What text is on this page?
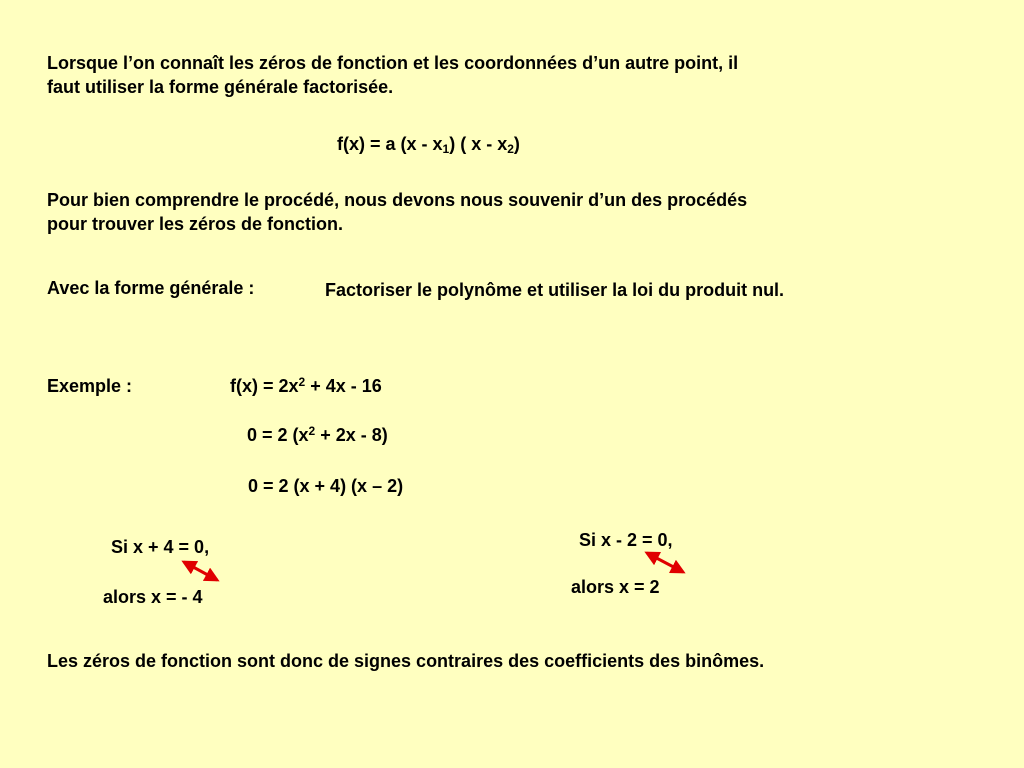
Lorsque l’on connaît les zéros de fonction et les coordonnées d’un autre point, il
faut utiliser la forme générale factorisée.
f(x) = a $(x - x_1)$ ( x - $x_2$)
Pour bien comprendre le procédé, nous devons nous souvenir d’un des procédés
pour trouver les zéros de fonction.
Avec la forme générale :	Factoriser le polynôme et utiliser la loi du produit nul.
Exemple :	$f(x) = 2x^2 + 4x - 16$
0 = 2 $(x^2 + 2x - 8)$
0 = 2 (x + 4) (x – 2)
Si x + 4 = 0,
alors x = - 4
Si x - 2 = 0,
alors x = 2
Les zéros de fonction sont donc de signes contraires des coefficients des binômes.
